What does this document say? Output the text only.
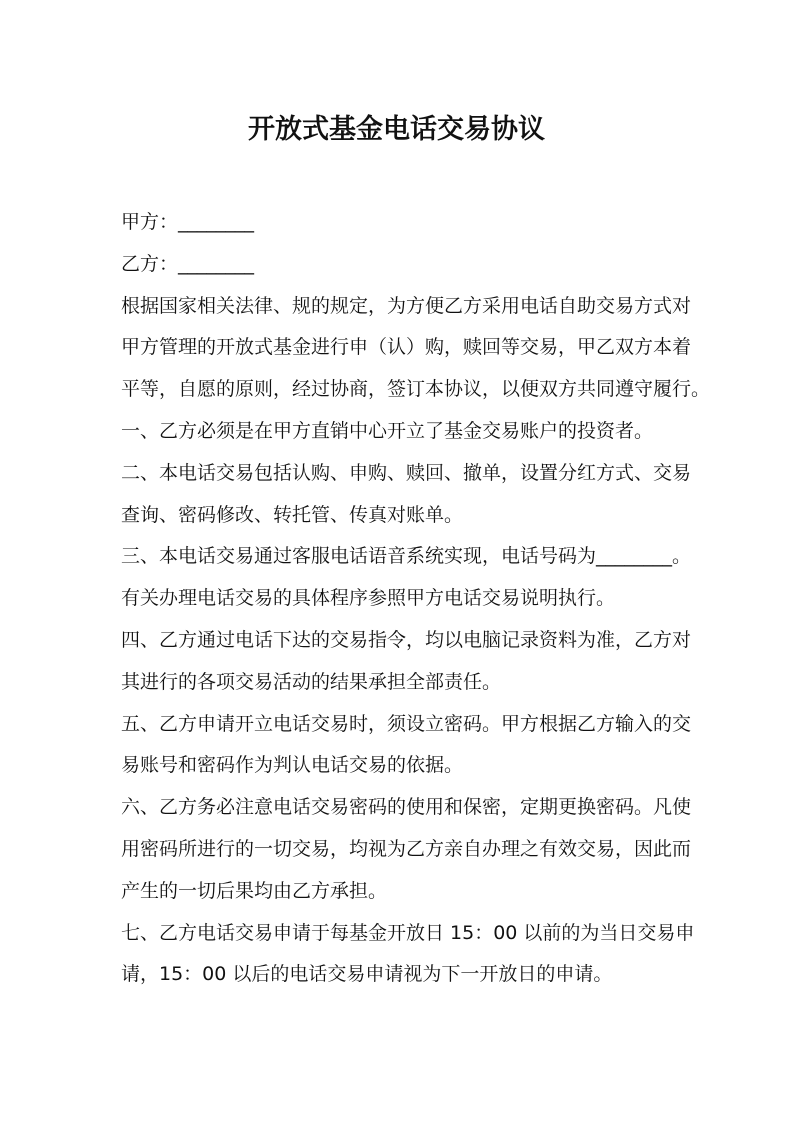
开放式基金电话交易协议
甲方：________
乙方：________
根据国家相关法律、规的规定，为方便乙方采用电话自助交易方式对
甲方管理的开放式基金进行申（认）购，赎回等交易，甲乙双方本着
平等，自愿的原则，经过协商，签订本协议，以便双方共同遵守履行。
一、乙方必须是在甲方直销中心开立了基金交易账户的投资者。
二、本电话交易包括认购、申购、赎回、撤单，设置分红方式、交易
查询、密码修改、转托管、传真对账单。
三、本电话交易通过客服电话语音系统实现，电话号码为________。
有关办理电话交易的具体程序参照甲方电话交易说明执行。
四、乙方通过电话下达的交易指令，均以电脑记录资料为准，乙方对
其进行的各项交易活动的结果承担全部责任。
五、乙方申请开立电话交易时，须设立密码。甲方根据乙方输入的交
易账号和密码作为判认电话交易的依据。
六、乙方务必注意电话交易密码的使用和保密，定期更换密码。凡使
用密码所进行的一切交易，均视为乙方亲自办理之有效交易，因此而
产生的一切后果均由乙方承担。
七、乙方电话交易申请于每基金开放日 15：00 以前的为当日交易申
请，15：00 以后的电话交易申请视为下一开放日的申请。
